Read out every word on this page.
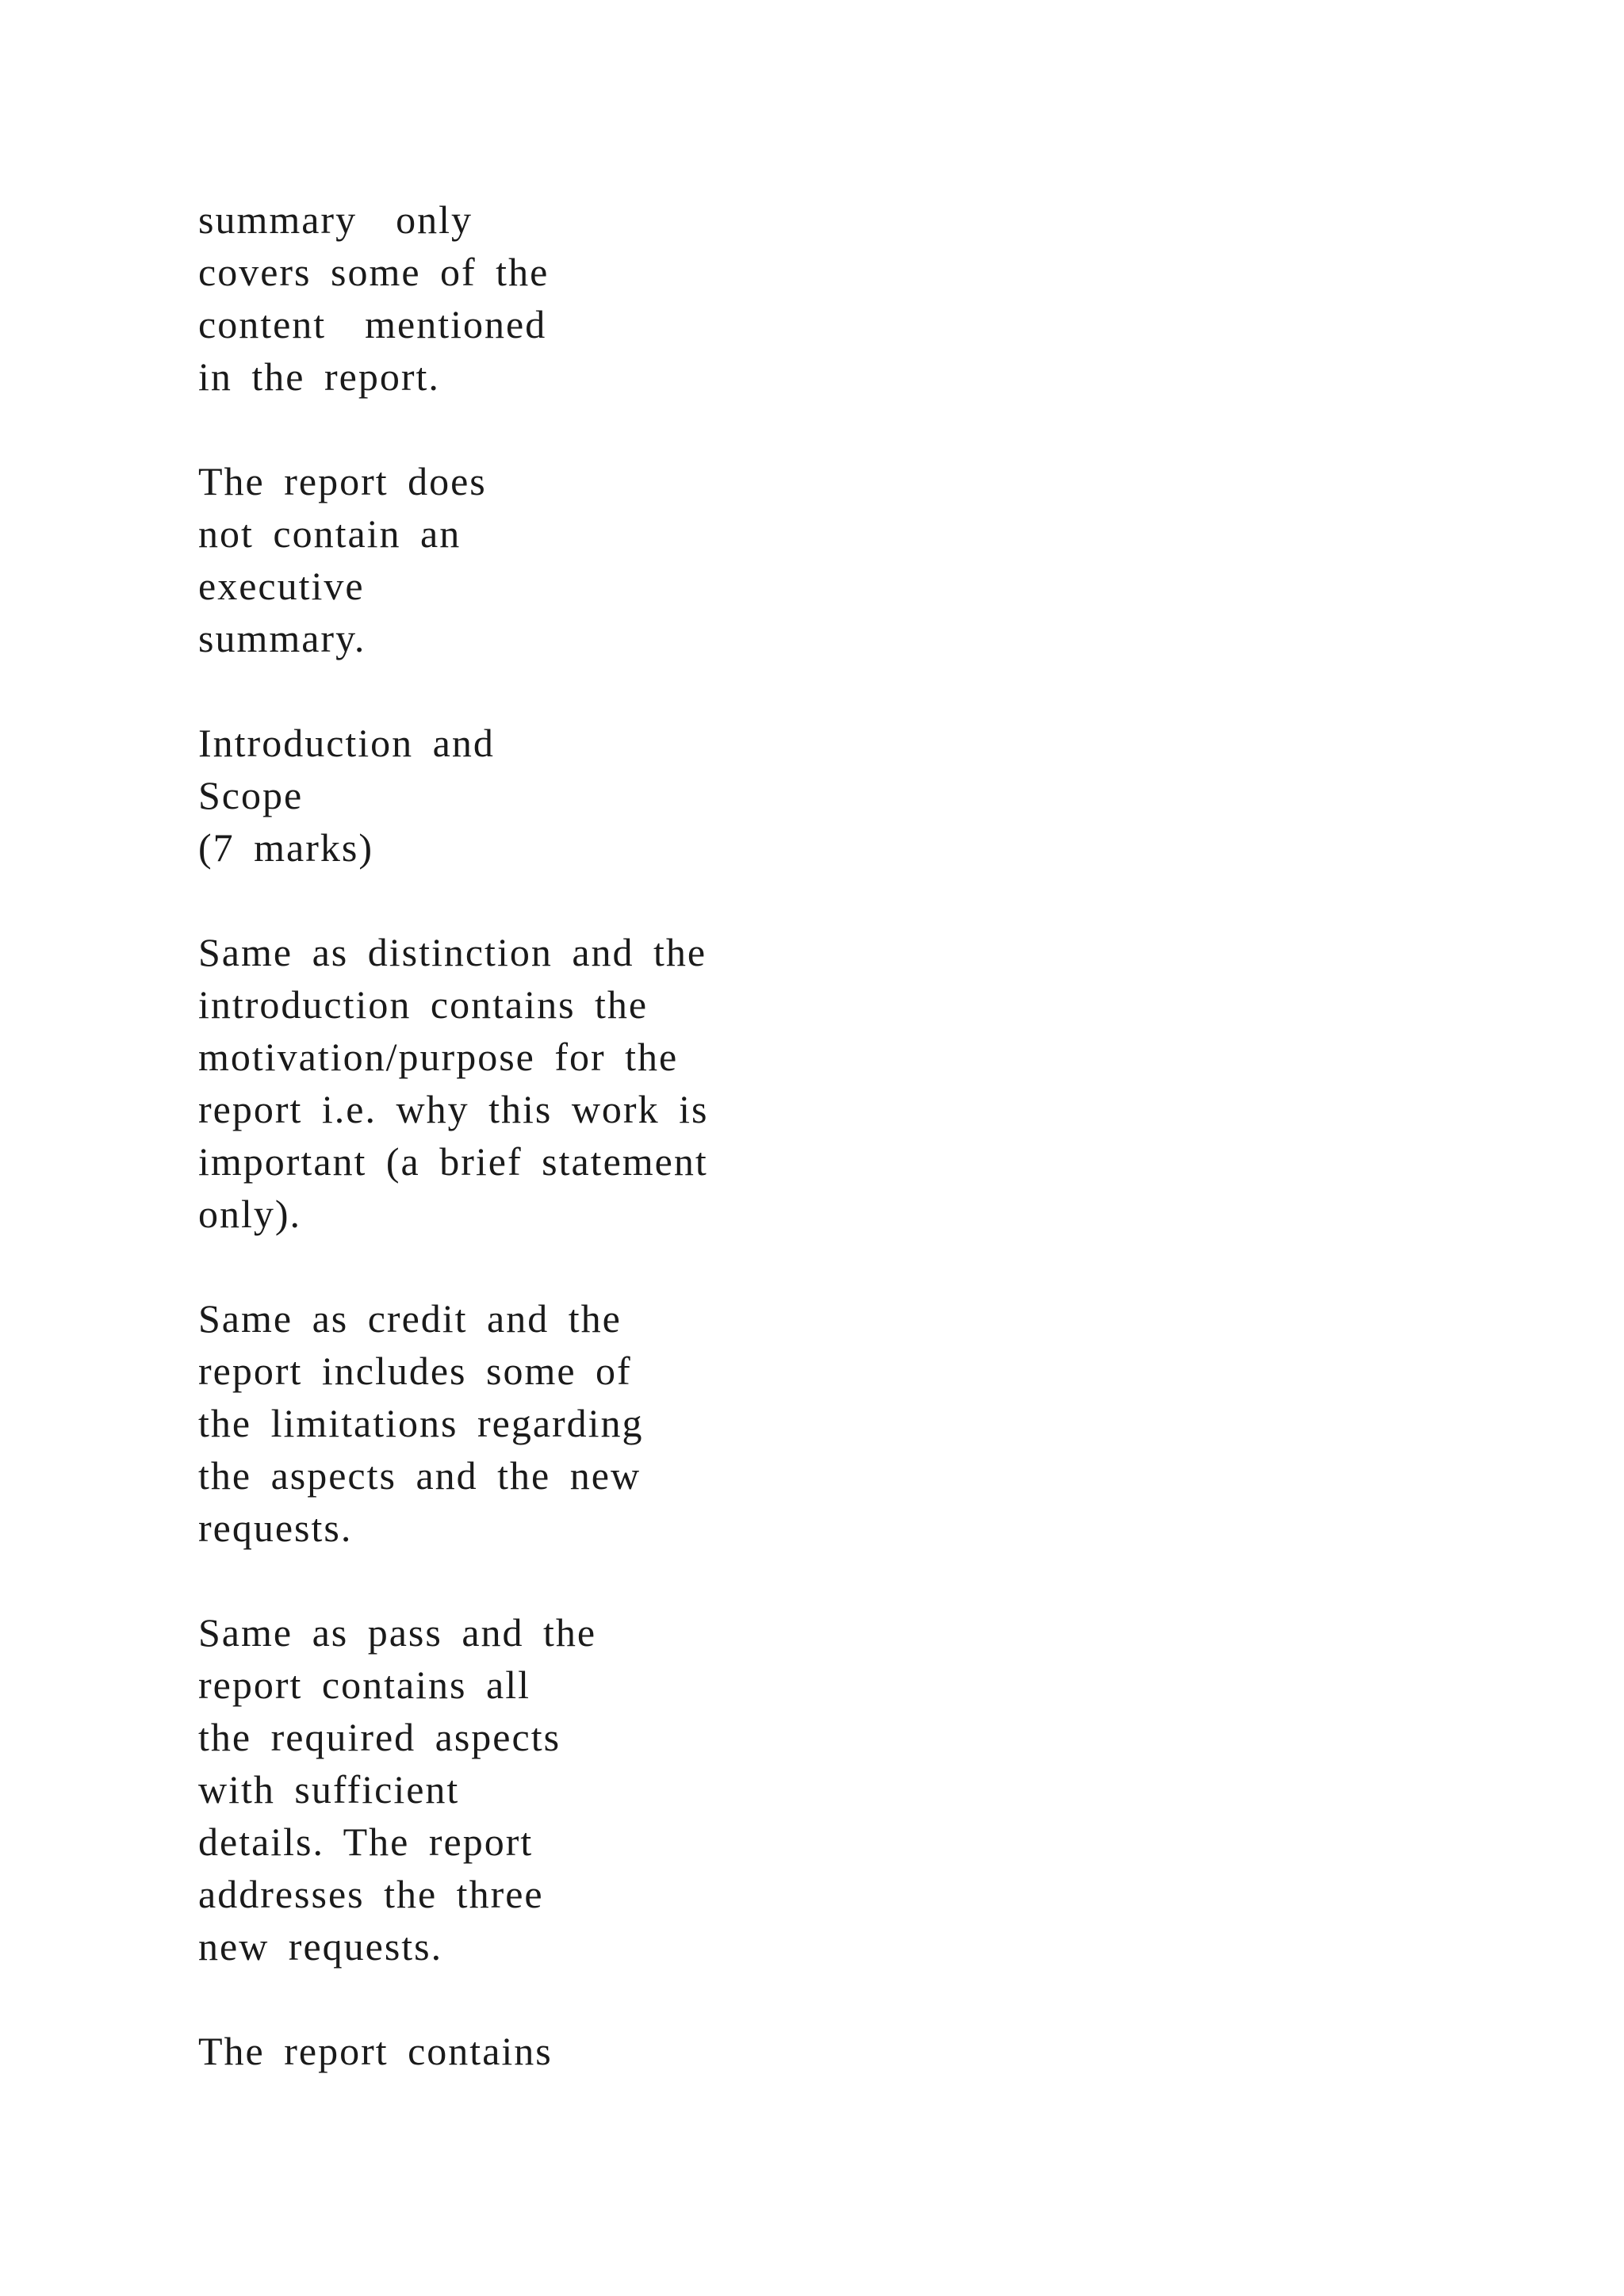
summary  only
covers some of the
content  mentioned
in the report.
The report does
not contain an
executive
summary.
Introduction and
Scope
(7 marks)
Same as distinction and the
introduction contains the
motivation/purpose for the
report i.e. why this work is
important (a brief statement
only).
Same as credit and the
report includes some of
the limitations regarding
the aspects and the new
requests.
Same as pass and the
report contains all
the required aspects
with sufficient
details. The report
addresses the three
new requests.
The report contains
